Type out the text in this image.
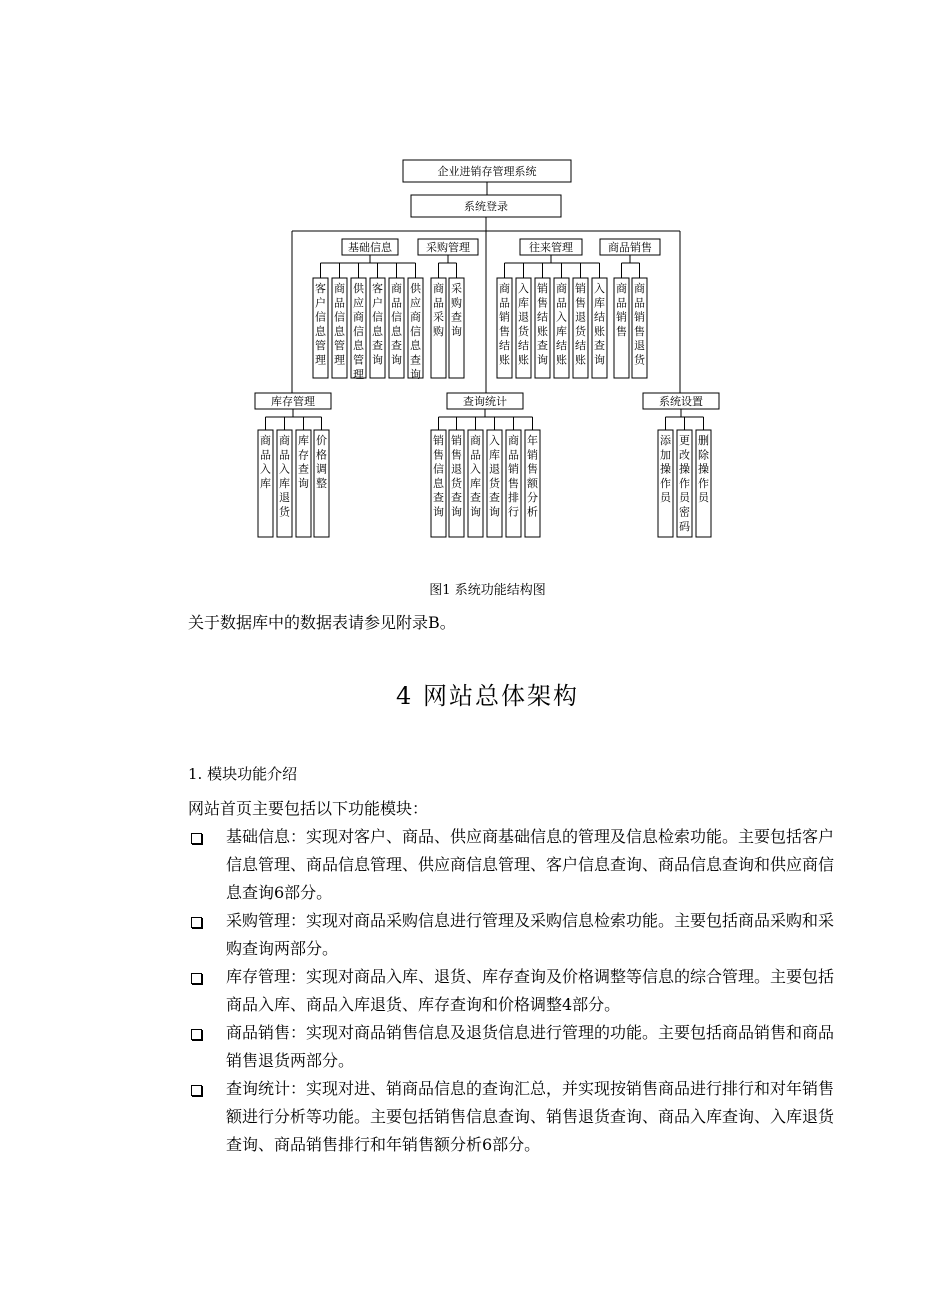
企业进销存管理系统
系统登录
基础信息
客户信息管理
商品信息管理
供应商信息管理
客户信息查询
商品信息查询
供应商信息查询
采购管理
商品采购
采购查询
往来管理
商品销售结账
入库退货结账
销售结账查询
商品入库结账
销售退货结账
入库结账查询
商品销售
商品销售
商品销售退货
库存管理
商品入库
商品入库退货
库存查询
价格调整
查询统计
销售信息查询
销售退货查询
商品入库查询
入库退货查询
商品销售排行
年销售额分析
系统设置
添加操作员
更改操作员密码
删除操作员
图1 系统功能结构图
关于数据库中的数据表请参见附录B。
4 网站总体架构
1. 模块功能介绍
网站首页主要包括以下功能模块：
基础信息：实现对客户、商品、供应商基础信息的管理及信息检索功能。主要包括客户信息管理、商品信息管理、供应商信息管理、客户信息查询、商品信息查询和供应商信息查询6部分。
采购管理：实现对商品采购信息进行管理及采购信息检索功能。主要包括商品采购和采购查询两部分。
库存管理：实现对商品入库、退货、库存查询及价格调整等信息的综合管理。主要包括商品入库、商品入库退货、库存查询和价格调整4部分。
商品销售：实现对商品销售信息及退货信息进行管理的功能。主要包括商品销售和商品销售退货两部分。
查询统计：实现对进、销商品信息的查询汇总，并实现按销售商品进行排行和对年销售额进行分析等功能。主要包括销售信息查询、销售退货查询、商品入库查询、入库退货查询、商品销售排行和年销售额分析6部分。
